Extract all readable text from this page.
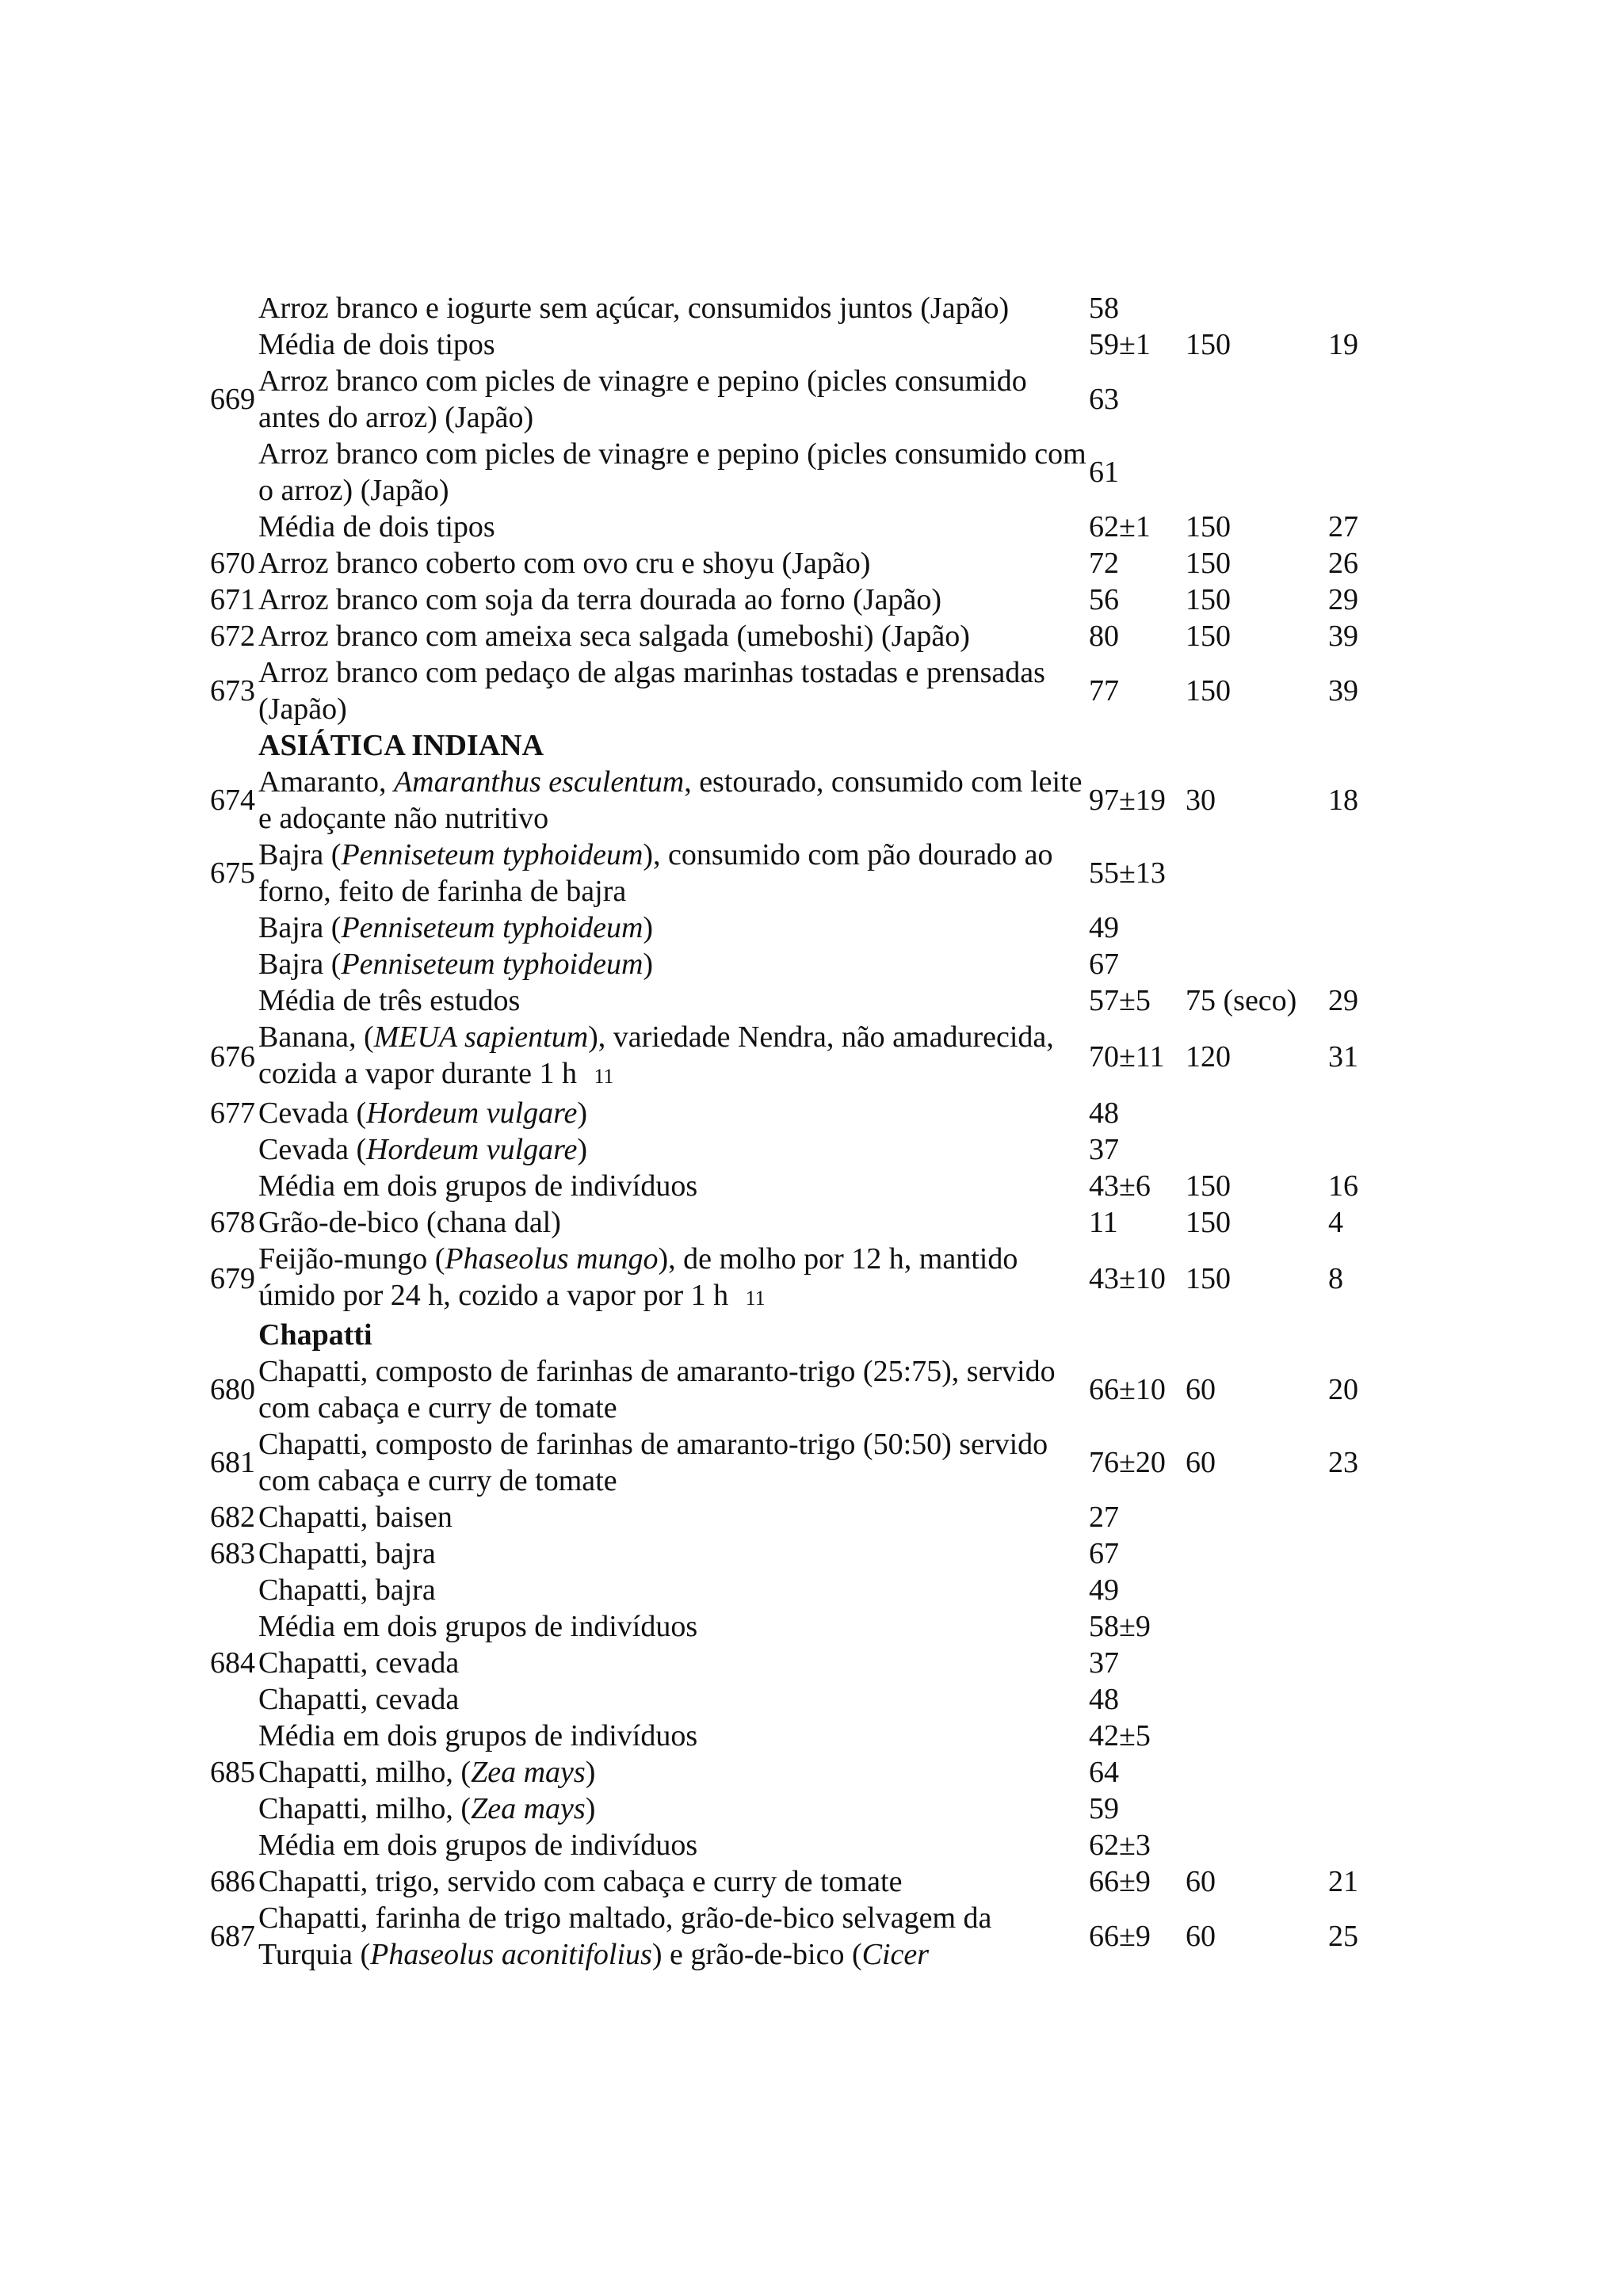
	Arroz branco e iogurte sem açúcar, consumidos juntos (Japão)	58		
	Média de dois tipos	59±1	150	19
669	Arroz branco com picles de vinagre e pepino (picles consumido antes do arroz) (Japão)	63		
	Arroz branco com picles de vinagre e pepino (picles consumido com o arroz) (Japão)	61		
	Média de dois tipos	62±1	150	27
670	Arroz branco coberto com ovo cru e shoyu (Japão)	72	150	26
671	Arroz branco com soja da terra dourada ao forno (Japão)	56	150	29
672	Arroz branco com ameixa seca salgada (umeboshi) (Japão)	80	150	39
673	Arroz branco com pedaço de algas marinhas tostadas e prensadas (Japão)	77	150	39
	ASIÁTICA INDIANA			
674	Amaranto, Amaranthus esculentum, estourado, consumido com leite e adoçante não nutritivo	97±19	30	18
675	Bajra (Penniseteum typhoideum), consumido com pão dourado ao forno, feito de farinha de bajra	55±13		
	Bajra (Penniseteum typhoideum)	49		
	Bajra (Penniseteum typhoideum)	67		
	Média de três estudos	57±5	75 (seco)	29
676	Banana, (MEUA sapientum), variedade Nendra, não amadurecida, cozida a vapor durante 1 h 11	70±11	120	31
677	Cevada (Hordeum vulgare)	48		
	Cevada (Hordeum vulgare)	37		
	Média em dois grupos de indivíduos	43±6	150	16
678	Grão-de-bico (chana dal)	11	150	4
679	Feijão-mungo (Phaseolus mungo), de molho por 12 h, mantido úmido por 24 h, cozido a vapor por 1 h 11	43±10	150	8
	Chapatti			
680	Chapatti, composto de farinhas de amaranto-trigo (25:75), servido com cabaça e curry de tomate	66±10	60	20
681	Chapatti, composto de farinhas de amaranto-trigo (50:50) servido com cabaça e curry de tomate	76±20	60	23
682	Chapatti, baisen	27		
683	Chapatti, bajra	67		
	Chapatti, bajra	49		
	Média em dois grupos de indivíduos	58±9		
684	Chapatti, cevada	37		
	Chapatti, cevada	48		
	Média em dois grupos de indivíduos	42±5		
685	Chapatti, milho, (Zea mays)	64		
	Chapatti, milho, (Zea mays)	59		
	Média em dois grupos de indivíduos	62±3		
686	Chapatti, trigo, servido com cabaça e curry de tomate	66±9	60	21
687	Chapatti, farinha de trigo maltado, grão-de-bico selvagem da Turquia (Phaseolus aconitifolius) e grão-de-bico (Cicer	66±9	60	25
